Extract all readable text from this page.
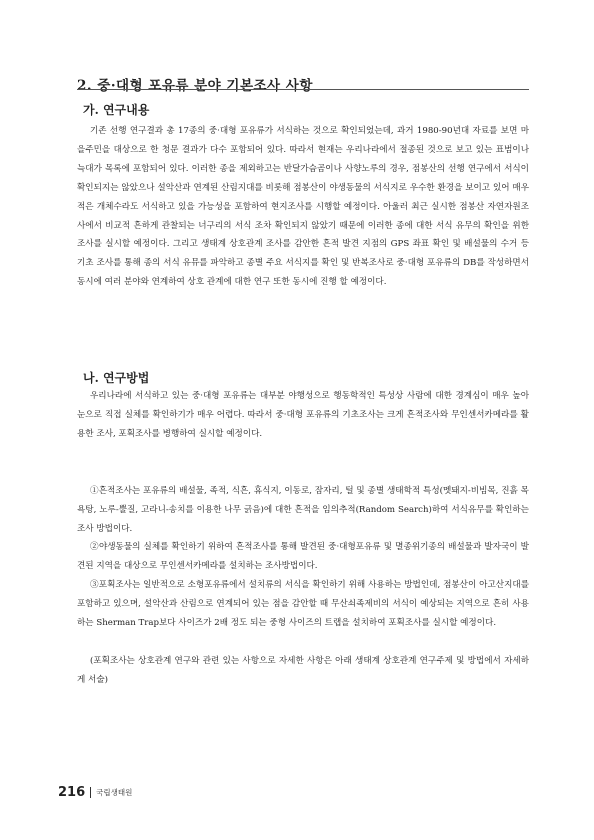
2. 중·대형 포유류 분야 기본조사 사항
가. 연구내용

기존 선행 연구결과 총 17종의 중·대형 포유류가 서식하는 것으로 확인되었는데, 과거 1980-90년대 자료를 보면 마을주민을 대상으로 한 청문 결과가 다수 포함되어 있다. 따라서 현재는 우리나라에서 절종된 것으로 보고 있는 표범이나 늑대가 목록에 포함되어 있다. 이러한 종을 제외하고는 반달가슴곰이나 사향노루의 경우, 점봉산의 선행 연구에서 서식이 확인되지는 않았으나 설악산과 연계된 산림지대를 비롯해 점봉산이 야생동물의 서식지로 우수한 환경을 보이고 있어 매우 적은 개체수라도 서식하고 있을 가능성을 포함하여 현지조사를 시행할 예정이다. 아울러 최근 실시한 점봉산 자연자원조사에서 비교적 흔하게 관찰되는 너구리의 서식 조차 확인되지 않았기 때문에 이러한 종에 대한 서식 유무의 확인을 위한 조사를 실시할 예정이다. 그리고 생태계 상호관계 조사를 감안한 흔적 발견 지점의 GPS 좌표 확인 및 배설물의 수거 등 기초 조사를 통해 종의 서식 유뮤를 파악하고 종별 주요 서식지를 확인 및 반복조사로 중·대형 포유류의 DB를 작성하면서 동시에 여러 분야와 연계하여 상호 관계에 대한 연구 또한 동시에 진행 할 예정이다.

나. 연구방법

우리나라에 서식하고 있는 중·대형 포유류는 대부분 야행성으로 행동학적인 특성상 사람에 대한 경계심이 매우 높아 눈으로 직접 실체를 확인하기가 매우 어렵다. 따라서 중·대형 포유류의 기초조사는 크게 흔적조사와 무인센서카메라를 활용한 조사, 포획조사를 병행하여 실시할 예정이다.

①흔적조사는 포유류의 배설물, 족적, 식흔, 휴식지, 이동로, 잠자리, 털 및 종별 생태학적 특성(멧돼지-비빔목, 진흙 목욕탕, 노루-뿔질, 고라니-송치를 이용한 나무 긁음)에 대한 흔적을 임의추적(Random Search)하여 서식유무를 확인하는 조사 방법이다.

②야생동물의 실체를 확인하기 위하여 흔적조사를 통해 발견된 중·대형포유류 및 멸종위기종의 배설물과 발자국이 발견된 지역을 대상으로 무인센서카메라를 설치하는 조사방법이다.

③포획조사는 일반적으로 소형포유류에서 설치류의 서식을 확인하기 위해 사용하는 방법인데, 점봉산이 아고산지대를 포함하고 있으며, 설악산과 산림으로 연계되어 있는 점을 감안할 때 무산쇠족제비의 서식이 예상되는 지역으로 흔히 사용하는 Sherman Trap보다 사이즈가 2배 정도 되는 중형 사이즈의 트랩을 설치하여 포획조사를 실시할 예정이다.

(포획조사는 상호관계 연구와 관련 있는 사항으로 자세한 사항은 아래 생태계 상호관계 연구주제 및 방법에서 자세하게 서술)

216 국립생태원
